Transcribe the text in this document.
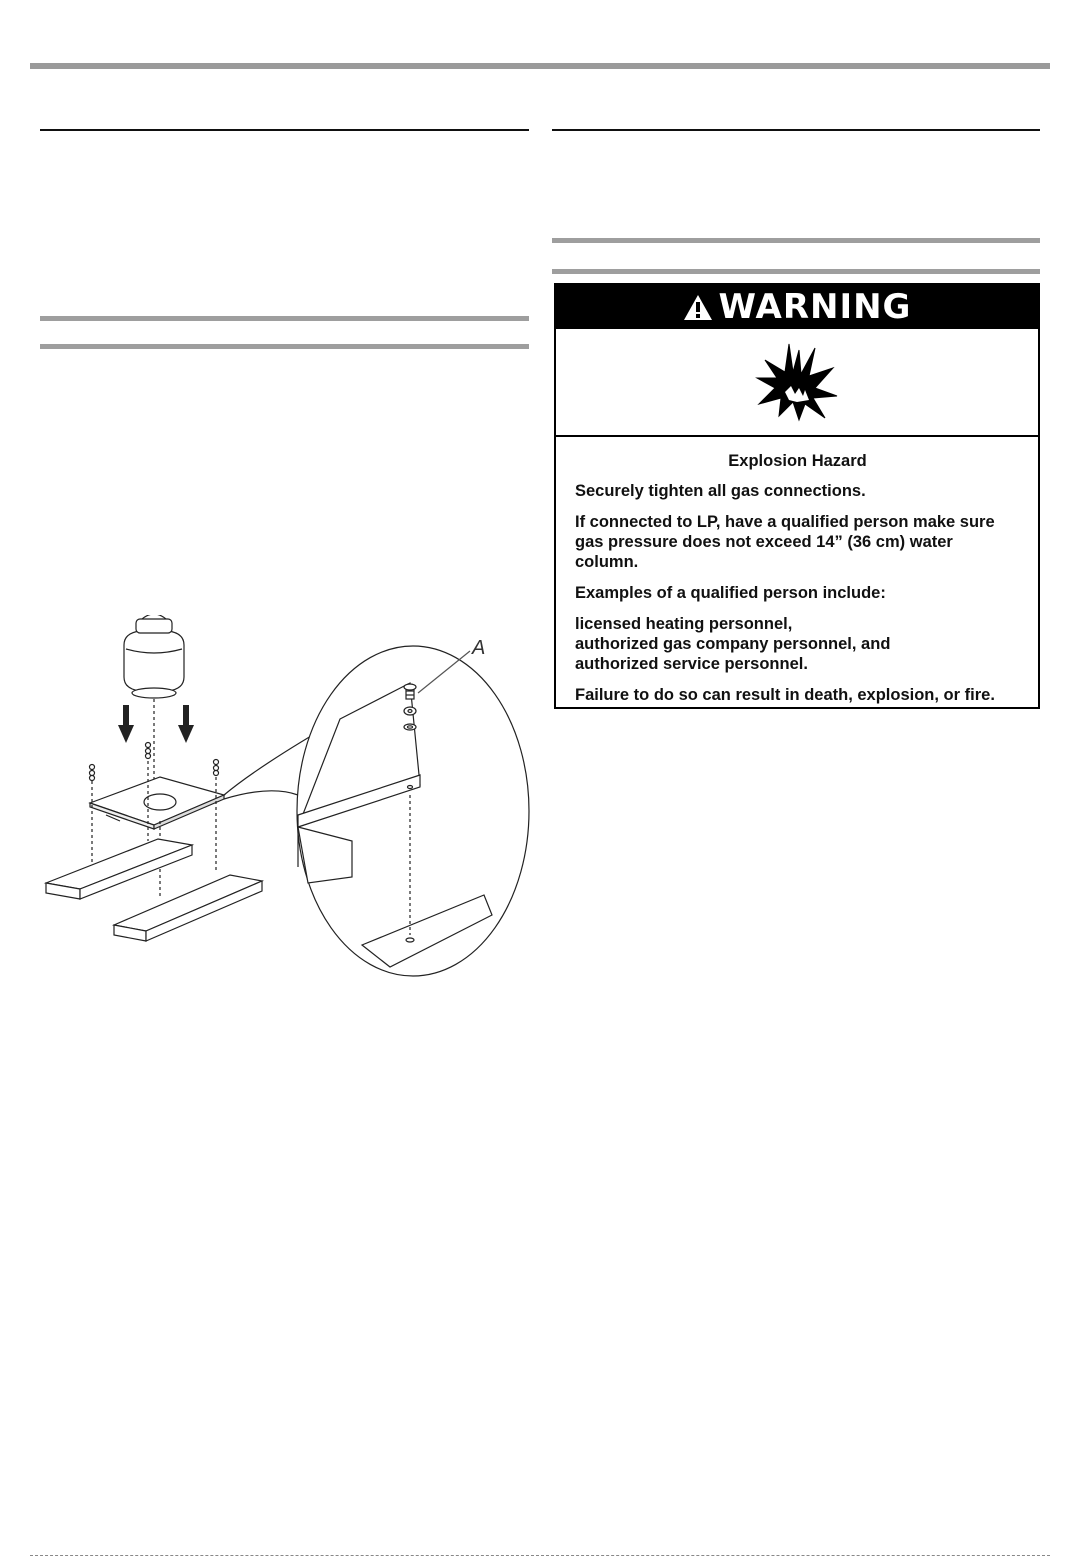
WARNING
Explosion Hazard

Securely tighten all gas connections.

If connected to LP, have a qualified person make sure
gas pressure does not exceed 14” (36 cm) water
column.

Examples of a qualified person include:

licensed heating personnel,
authorized gas company personnel, and
authorized service personnel.

Failure to do so can result in death, explosion, or fire.

A
